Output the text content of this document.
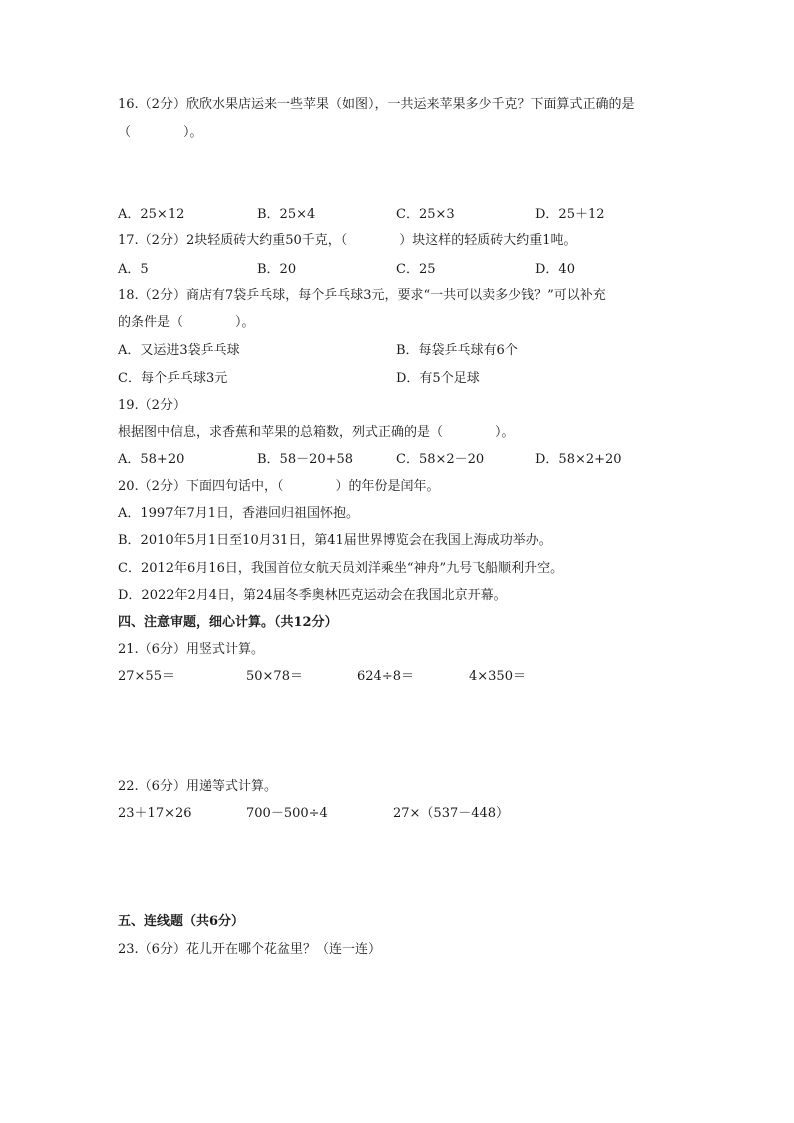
16.（2分）欣欣水果店运来一些苹果（如图），一共运来苹果多少千克？下面算式正确的是
（　　　　）。
A．25×12	B．25×4	C．25×3	D．25＋12
17.（2分）2块轻质砖大约重50千克，（　　　　）块这样的轻质砖大约重1吨。
A．5	B．20	C．25	D．40
18.（2分）商店有7袋乒乓球，每个乒乓球3元，要求“一共可以卖多少钱？”可以补充
的条件是（　　　　）。
A．又运进3袋乒乓球	B．每袋乒乓球有6个
C．每个乒乓球3元	D．有5个足球
19.（2分）
根据图中信息，求香蕉和苹果的总箱数，列式正确的是（　　　　）。
A．58+20	B．58－20+58	C．58×2－20	D．58×2+20
20.（2分）下面四句话中，（　　　　）的年份是闰年。
A．1997年7月1日，香港回归祖国怀抱。
B．2010年5月1日至10月31日，第41届世界博览会在我国上海成功举办。
C．2012年6月16日，我国首位女航天员刘洋乘坐“神舟”九号飞船顺利升空。
D．2022年2月4日，第24届冬季奥林匹克运动会在我国北京开幕。
四、注意审题，细心计算。（共12分）
21.（6分）用竖式计算。
27×55＝	50×78＝	624÷8＝	4×350＝
22.（6分）用递等式计算。
23＋17×26	700－500÷4	27×（537－448）
五、连线题（共6分）
23.（6分）花儿开在哪个花盆里？（连一连）
